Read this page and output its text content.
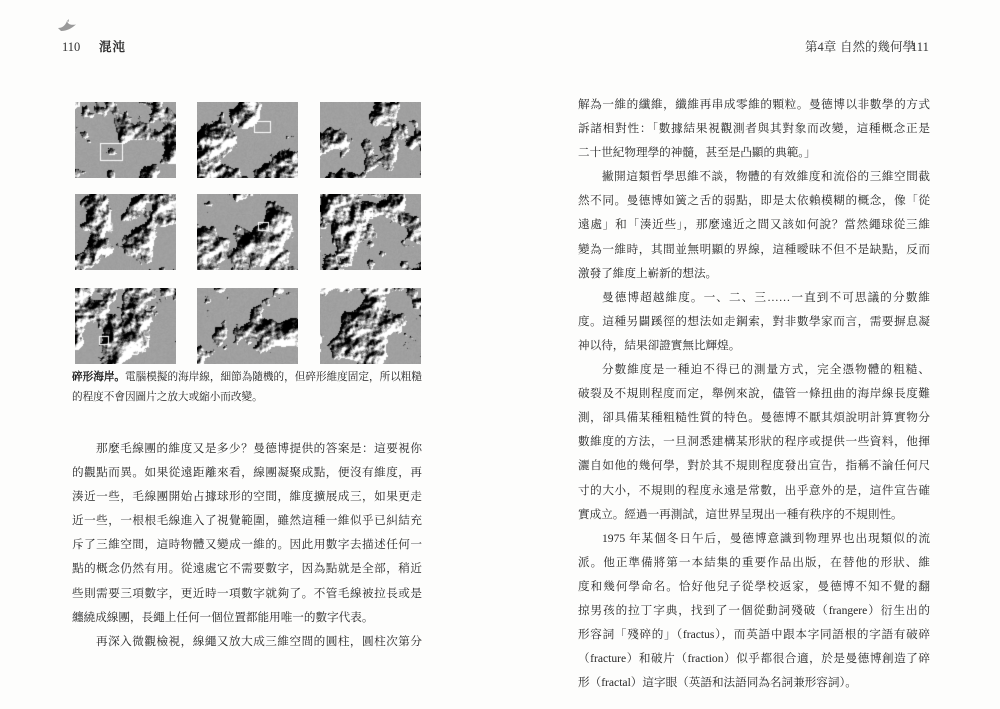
110 混沌
碎形海岸。電腦模擬的海岸線，細節為隨機的，但碎形維度固定，所以粗糙
的程度不會因圖片之放大或縮小而改變。
那麼毛線團的維度又是多少？曼德博提供的答案是：這要視你
的觀點而異。如果從遠距離來看，線團凝聚成點，便沒有維度，再
湊近一些，毛線團開始占據球形的空間，維度擴展成三，如果更走
近一些，一根根毛線進入了視覺範圍，雖然這種一維似乎已糾結充
斥了三維空間，這時物體又變成一維的。因此用數字去描述任何一
點的概念仍然有用。從遠處它不需要數字，因為點就是全部，稍近
些則需要三項數字，更近時一項數字就夠了。不管毛線被拉長或是
纏繞成線團，長繩上任何一個位置都能用唯一的數字代表。
再深入微觀檢視，線繩又放大成三維空間的圓柱，圓柱次第分
第4章 自然的幾何學
111
解為一維的纖維，纖維再串成零維的顆粒。曼德博以非數學的方式
訴諸相對性：「數據結果視觀測者與其對象而改變，這種概念正是
二十世紀物理學的神髓，甚至是凸顯的典範。」
撇開這類哲學思維不談，物體的有效維度和流俗的三維空間截
然不同。曼德博如簧之舌的弱點，即是太依賴模糊的概念，像「從
遠處」和「湊近些」，那麼遠近之間又該如何說？當然繩球從三維
變為一維時，其間並無明顯的界線，這種曖昧不但不是缺點，反而
激發了維度上嶄新的想法。
曼德博超越維度。一、二、三……一直到不可思議的分數維
度。這種另闢蹊徑的想法如走鋼索，對非數學家而言，需要摒息凝
神以待，結果卻證實無比輝煌。
分數維度是一種迫不得已的測量方式，完全憑物體的粗糙、
破裂及不規則程度而定，舉例來說，儘管一條扭曲的海岸線長度難
測，卻具備某種粗糙性質的特色。曼德博不厭其煩說明計算實物分
數維度的方法，一旦洞悉建構某形狀的程序或提供一些資料，他揮
灑自如他的幾何學，對於其不規則程度發出宣告，指稱不論任何尺
寸的大小，不規則的程度永遠是常數，出乎意外的是，這件宣告確
實成立。經過一再測試，這世界呈現出一種有秩序的不規則性。
1975 年某個冬日午后，曼德博意識到物理界也出現類似的流
派。他正準備將第一本結集的重要作品出版，在替他的形狀、維
度和幾何學命名。恰好他兒子從學校返家，曼德博不知不覺的翻
掠男孩的拉丁字典，找到了一個從動詞殘破（frangere）衍生出的
形容詞「殘碎的」（fractus），而英語中跟本字同語根的字語有破碎
（fracture）和破片（fraction）似乎都很合適，於是曼德博創造了碎
形（fractal）這字眼（英語和法語同為名詞兼形容詞）。
